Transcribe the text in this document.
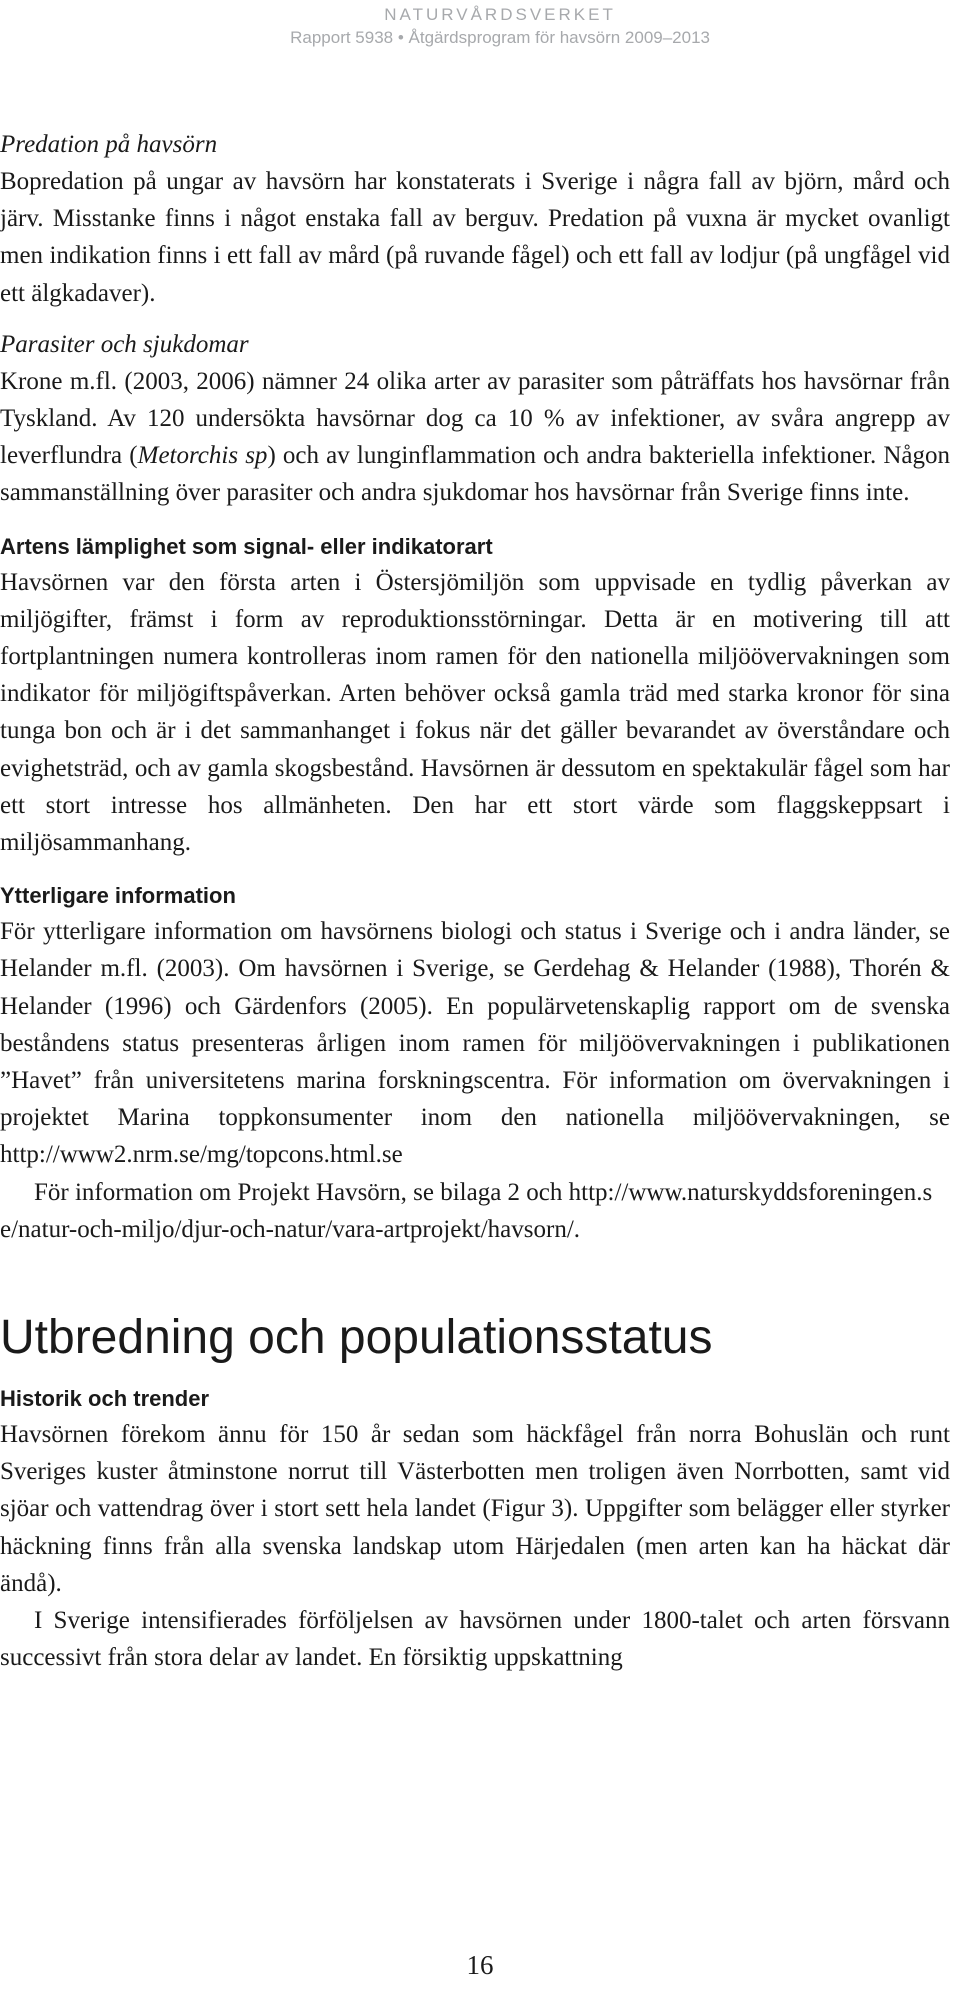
NATURVÅRDSVERKET
Rapport 5938 • Åtgärdsprogram för havsörn 2009–2013
Predation på havsörn

Bopredation på ungar av havsörn har konstaterats i Sverige i några fall av björn, mård och järv. Misstanke finns i något enstaka fall av berguv. Predation på vuxna är mycket ovanligt men indikation finns i ett fall av mård (på ruvande fågel) och ett fall av lodjur (på ungfågel vid ett älgkadaver).

Parasiter och sjukdomar

Krone m.fl. (2003, 2006) nämner 24 olika arter av parasiter som påträffats hos havsörnar från Tyskland. Av 120 undersökta havsörnar dog ca 10 % av infektioner, av svåra angrepp av leverflundra (Metorchis sp) och av lunginflammation och andra bakteriella infektioner. Någon sammanställning över parasiter och andra sjukdomar hos havsörnar från Sverige finns inte.

Artens lämplighet som signal- eller indikatorart

Havsörnen var den första arten i Östersjömiljön som uppvisade en tydlig påverkan av miljögifter, främst i form av reproduktionsstörningar. Detta är en motivering till att fortplantningen numera kontrolleras inom ramen för den nationella miljöövervakningen som indikator för miljögiftspåverkan. Arten behöver också gamla träd med starka kronor för sina tunga bon och är i det sammanhanget i fokus när det gäller bevarandet av överståndare och evighetsträd, och av gamla skogsbestånd. Havsörnen är dessutom en spektakulär fågel som har ett stort intresse hos allmänheten. Den har ett stort värde som flaggskeppsart i miljösammanhang.

Ytterligare information

För ytterligare information om havsörnens biologi och status i Sverige och i andra länder, se Helander m.fl. (2003). Om havsörnen i Sverige, se Gerdehag & Helander (1988), Thorén & Helander (1996) och Gärdenfors (2005). En populärvetenskaplig rapport om de svenska beståndens status presenteras årligen inom ramen för miljöövervakningen i publikationen ”Havet” från universitetens marina forskningscentra. För information om övervakningen i projektet Marina toppkonsumenter inom den nationella miljöövervakningen, se http://www2.nrm.se/mg/topcons.html.se

För information om Projekt Havsörn, se bilaga 2 och http://www.naturskyddsforeningen.se/natur-och-miljo/djur-och-natur/vara-artprojekt/havsorn/.

Utbredning och populationsstatus
Historik och trender

Havsörnen förekom ännu för 150 år sedan som häckfågel från norra Bohuslän och runt Sveriges kuster åtminstone norrut till Västerbotten men troligen även Norrbotten, samt vid sjöar och vattendrag över i stort sett hela landet (Figur 3). Uppgifter som belägger eller styrker häckning finns från alla svenska landskap utom Härjedalen (men arten kan ha häckat där ändå).

I Sverige intensifierades förföljelsen av havsörnen under 1800-talet och arten försvann successivt från stora delar av landet. En försiktig uppskattning

16
